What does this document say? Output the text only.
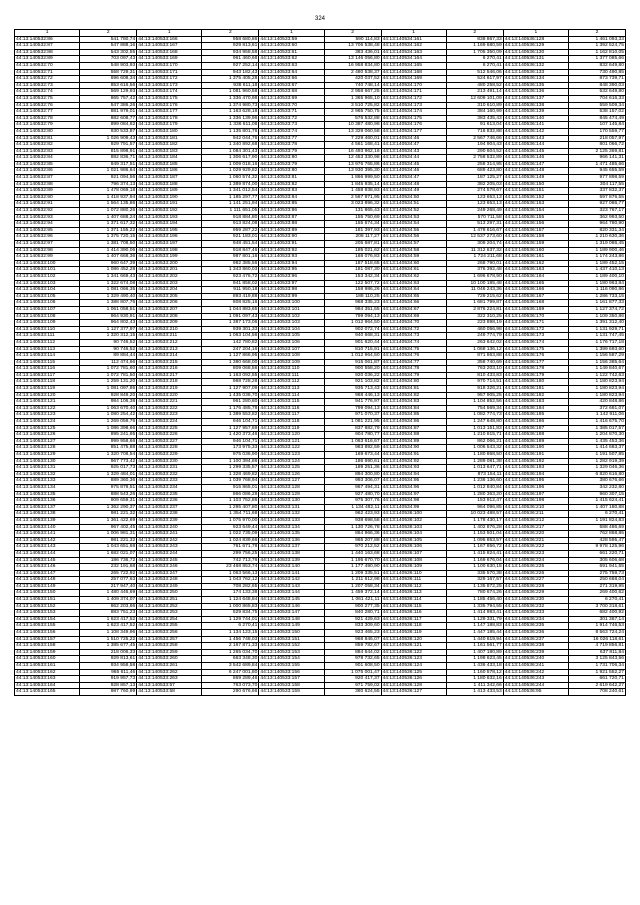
324
1	2	1	2	1	2	1	2	1	2
44:13:140532:86	541 780,74	44:13:140533:166	958 680,86	44:13:140533:59	590 114,83	44:13:140534:161	838 867,33	44:13:140536:128	1 461 093,33
44:13:140532:87	547 888,16	44:13:140533:167	929 813,61	44:13:140533:60	13 706 538,48	44:13:140534:162	1 169 680,59	44:13:140536:129	1 392 524,75
44:13:140532:88	543 302,55	44:13:140533:168	934 958,58	44:13:140533:61	383 436,01	44:13:140534:163	1 705 350,09	44:13:140536:130	1 162 810,05
44:13:140532:89	703 097,43	44:13:140533:169	961 460,68	44:13:140533:62	13 146 056,80	44:13:140534:164	6 270,41	44:13:140536:131	1 377 085,66
44:13:140532:70	548 903,93	44:13:140533:170	927 252,14	44:13:140533:63	16 958 834,80	44:13:140534:165	6 270,41	44:13:140536:132	832 649,80
44:13:140532:71	558 729,31	44:13:140533:171	943 182,43	44:13:140533:64	2 480 538,37	44:13:140534:168	512 546,06	44:13:140536:133	730 490,85
44:13:140532:72	696 608,34	44:13:140533:172	1 375 405,28	44:13:140533:66	420 037,52	44:13:140534:169	524 617,97	44:13:140536:134	873 739,71
44:13:140532:73	853 616,56	44:13:140533:173	938 611,18	44:13:140533:67	740 748,14	44:13:140534:170	480 258,52	44:13:140536:135	848 390,03
44:13:140532:74	569 129,93	44:13:140533:174	1 081 960,58	44:13:140533:68	2 958 667,25	44:13:140534:171	213 491,14	44:13:140536:136	532 649,80
44:13:140532:75	865 757,42	44:13:140533:175	1 336 470,98	44:13:140533:69	1 365 965,10	44:13:140534:172	12 609 101,09	44:13:140536:137	704 616,33
44:13:140532:76	547 386,26	44:13:140533:176	1 374 980,73	44:13:140533:70	3 510 725,82	44:13:140534:173	310 610,89	44:13:140536:138	559 509,34
44:13:140532:77	881 979,01	44:13:140533:177	1 163 628,18	44:13:140533:71	2 965 750,75	44:13:140534:174	384 160,99	44:13:140536:139	538 157,02
44:13:140532:78	882 608,77	44:13:140533:178	1 336 139,96	44:13:140533:72	576 532,88	44:13:140534:175	383 435,43	44:13:140536:140	845 474,49
44:13:140532:79	899 084,62	44:13:140533:179	1 336 611,08	44:13:140533:73	10 387 480,98	44:13:140534:176	91 613,04	44:13:140536:141	107 145,84
44:13:140532:80	930 533,87	44:13:140533:180	1 135 801,76	44:13:140533:74	13 329 060,58	44:13:140534:177	716 832,88	44:13:140536:142	170 559,77
44:13:140532:81	1 026 909,43	44:13:140533:181	942 044,76	44:13:140533:77	7 229 460,01	44:13:140534:46	2 567 746,66	44:13:140536:143	218 057,97
44:13:140532:82	929 791,57	44:13:140533:182	1 340 892,68	44:13:140533:78	4 561 168,41	44:13:140534:47	194 904,43	44:13:140536:144	801 066,72
44:13:140532:83	815 898,91	44:13:140533:183	1 084 301,43	44:13:140533:79	16 493 962,16	44:13:140534:43	290 604,52	44:13:140536:145	2 125 369,81
44:13:140532:84	882 836,71	44:13:140533:184	1 306 617,90	44:13:140533:80	12 453 330,98	44:13:140534:44	2 758 532,89	44:13:140536:146	966 141,31
44:13:140532:85	949 317,51	44:13:140533:185	1 009 018,16	44:13:140533:79	13 976 765,86	44:13:140534:45	258 314,95	44:13:140536:147	1 471 485,66
44:13:140532:86	1 021 986,64	44:13:140533:186	1 029 929,82	44:13:140533:80	13 930 395,30	44:13:140534:46	689 423,80	44:13:140536:148	945 655,59
44:13:140532:87	921 094,56	44:13:140533:187	1 060 574,32	44:13:140533:81	1 866 999,50	44:13:140534:47	187 125,27	44:13:140536:149	977 898,59
44:13:140532:88	796 374,13	44:13:140533:188	1 389 874,00	44:13:140533:82	1 845 935,14	44:13:140534:48	382 205,03	44:13:140536:150	304 117,55
44:13:140532:89	1 478 069,18	44:13:140533:189	1 341 012,54	44:13:140533:83	1 458 938,93	44:13:140534:49	274 578,67	44:13:140536:151	337 832,37
44:13:140532:90	1 418 937,94	44:13:140533:190	1 185 297,77	44:13:140533:84	2 567 971,95	44:13:140534:50	123 653,13	44:13:140536:152	597 876,55
44:13:140532:91	1 564 135,86	44:13:140533:191	1 141 251,94	44:13:140533:85	3 023 896,32	44:13:140534:51	123 653,13	44:13:140536:153	927 086,77
44:13:140532:92	1 072 880,26	44:13:140533:192	1 111 651,05	44:13:140533:86	131 865,43	44:13:140534:52	249 268,49	44:13:140536:154	323 767,17
44:13:140532:93	1 407 688,24	44:13:140533:193	918 884,80	44:13:140533:87	155 750,69	44:13:140534:53	570 711,58	44:13:140536:155	362 993,50
44:13:140532:94	1 371 617,32	44:13:140533:194	913 824,08	44:13:140533:88	155 674,34	44:13:140534:54	513 297,31	44:13:140536:156	964 780,90
44:13:140532:95	1 371 155,22	44:13:140533:195	959 287,22	44:13:140533:89	181 397,93	44:13:140534:55	1 478 616,67	44:13:140536:157	820 331,34
44:13:140532:96	1 375 720,15	44:13:140533:196	921 183,01	44:13:140533:90	208 117,27	44:13:140534:56	12 537 273,60	44:13:140536:158	1 210 630,36
44:13:140532:97	1 381 708,50	44:13:140533:197	948 451,54	44:13:140533:91	205 687,81	44:13:140534:57	309 204,74	44:13:140536:159	1 319 086,45
44:13:140532:98	1 414 390,06	44:13:140533:198	918 847,46	44:13:140533:92	185 021,62	44:13:140534:58	11 312 637,32	44:13:140536:160	1 189 900,46
44:13:140532:99	1 407 668,36	44:13:140533:199	987 801,16	44:13:140533:93	168 076,83	44:13:140534:59	1 724 211,68	44:13:140536:161	1 174 243,86
44:13:140533:100	960 647,39	44:13:140533:200	982 385,56	44:13:140533:94	187 518,65	44:13:140534:60	268 790,01	44:13:140536:162	1 189 452,15
44:13:140533:101	1 086 452,28	44:13:140533:201	1 343 860,03	44:13:140533:95	181 087,30	44:13:140534:61	376 392,48	44:13:140536:163	1 437 410,13
44:13:140533:102	1 341 669,43	44:13:140533:202	923 476,72	44:13:140533:96	153 342,34	44:13:140534:62	1 696 678,90	44:13:140536:164	1 189 400,10
44:13:140533:103	1 322 674,08	44:13:140533:203	941 858,02	44:13:140533:97	122 507,72	44:13:140534:63	10 100 185,48	44:13:140536:165	1 180 963,84
44:13:140533:104	1 081 066,35	44:13:140533:204	911 950,18	44:13:140533:98	158 986,26	44:13:140534:64	11 046 243,36	44:13:140536:166	1 116 090,86
44:13:140533:105	1 329 490,40	44:13:140533:205	893 419,88	44:13:140533:99	188 110,25	44:13:140534:65	729 215,62	44:13:140536:167	1 286 733,15
44:13:140533:106	1 388 807,76	44:13:140533:206	808 825,16	44:13:140533:100	968 335,23	44:13:140534:66	1 681 799,87	44:13:140536:168	1 161 877,33
44:13:140533:107	1 061 058,51	44:13:140533:207	1 044 883,65	44:13:140533:101	984 351,55	44:13:140534:67	2 876 224,81	44:13:140536:169	1 127 374,72
44:13:140533:108	964 930,91	44:13:140533:208	1 091 097,43	44:13:140533:102	799 094,13	44:13:140534:69	322 310,25	44:13:140536:170	1 109 350,86
44:13:140533:109	964 802,43	44:13:140533:209	1 387 173,06	44:13:140533:103	1 012 964,50	44:13:140534:70	223 898,19	44:13:140536:171	1 391 312,40
44:13:140533:110	1 127 377,97	44:13:140533:210	939 301,33	44:13:140533:104	902 072,74	44:13:140534:72	460 056,98	44:13:140536:172	1 131 929,71
44:13:140533:111	1 320 312,15	44:13:140533:211	1 063 104,56	44:13:140533:105	940 668,31	44:13:140534:73	249 774,79	44:13:140536:173	1 131 747,45
44:13:140533:112	90 746,52	44:13:140533:212	142 780,82	44:13:140533:106	901 620,44	44:13:140534:74	263 642,02	44:13:140536:174	1 176 717,18
44:13:140533:113	90 746,52	44:13:140533:213	247 204,16	44:13:140533:107	810 715,91	44:13:140534:75	1 068 136,12	44:13:140536:175	1 399 693,60
44:13:140533:114	89 884,44	44:13:140533:214	1 127 866,95	44:13:140533:108	1 012 964,50	44:13:140534:76	871 863,88	44:13:140536:176	1 156 587,29
44:13:140533:115	112 474,66	44:13:140533:215	1 380 668,00	44:13:140533:109	915 061,87	44:13:140534:77	358 740,69	44:13:140536:177	1 156 385,64
44:13:140533:116	1 072 781,60	44:13:140533:216	809 068,56	44:13:140533:110	900 558,20	44:13:140534:78	763 203,10	44:13:140536:178	1 149 840,67
44:13:140533:117	1 072 781,50	44:13:140533:217	1 163 092,55	44:13:140533:111	920 036,22	44:13:140534:79	810 433,83	44:13:140536:179	1 122 742,63
44:13:140533:118	1 259 131,20	44:13:140533:218	968 728,28	44:13:140533:112	921 103,82	44:13:140534:80	970 714,51	44:13:140536:180	1 180 823,94
44:13:140533:119	1 081 097,86	44:13:140533:219	1 127 907,09	44:13:140533:113	935 713,43	44:13:140534:81	918 326,21	44:13:140536:181	1 180 823,94
44:13:140533:120	928 849,20	44:13:140533:220	1 435 038,70	44:13:140533:114	968 446,13	44:13:140534:82	957 905,25	44:13:140536:182	1 180 823,94
44:13:140533:121	984 106,38	44:13:140533:221	961 280,80	44:13:140533:115	941 776,97	44:13:140534:83	1 104 852,56	44:13:140536:183	420 848,86
44:13:140533:122	1 063 670,40	44:13:140533:222	1 176 485,78	44:13:140533:116	799 094,13	44:13:140534:84	754 569,34	44:13:140536:184	372 681,07
44:13:140533:123	1 080 254,42	44:13:140533:223	1 389 553,82	44:13:140533:117	971 070,37	44:13:140534:85	1 082 774,73	44:13:140536:185	1 142 911,06
44:13:140533:124	1 269 059,76	44:13:140533:224	946 104,71	44:13:140533:118	1 081 221,95	44:13:140534:86	1 247 648,80	44:13:140536:186	1 416 675,70
44:13:140533:125	1 086 398,66	44:13:140533:225	1 127 957,69	44:13:140533:119	837 882,79	44:13:140534:87	1 013 151,83	44:13:140536:187	1 385 017,57
44:13:140533:126	895 241,65	44:13:140533:226	1 420 373,46	44:13:140533:120	904 780,77	44:13:140534:88	1 210 815,71	44:13:140536:188	1 204 870,30
44:13:140533:127	999 958,66	44:13:140533:227	946 104,71	44:13:140533:121	1 063 616,67	44:13:140534:89	862 066,21	44:13:140536:189	1 435 453,36
44:13:140533:128	851 475,88	44:13:140533:228	173 975,33	44:13:140533:122	983 892,59	44:13:140534:90	1 006 543,32	44:13:140536:190	1 414 683,37
44:13:140533:129	1 320 708,54	44:13:140533:229	975 036,90	44:13:140533:123	169 673,44	44:13:140534:91	1 180 868,50	44:13:140536:191	1 191 507,85
44:13:140533:130	967 773,42	44:13:140533:230	1 100 394,86	44:13:140533:124	186 690,61	44:13:140534:92	1 289 081,38	44:13:140536:192	1 282 919,39
44:13:140533:131	925 017,73	44:13:140533:231	1 299 335,57	44:13:140533:125	189 251,36	44:13:140534:93	1 013 647,71	44:13:140536:193	1 329 046,36
44:13:140533:132	1 329 484,01	44:13:140533:232	1 328 469,82	44:13:140533:126	894 300,80	44:13:140534:94	873 154,11	44:13:140536:194	6 820 616,80
44:13:140533:133	889 360,36	44:13:140533:233	1 039 768,94	44:13:140533:127	993 306,07	44:13:140534:95	1 236 136,60	44:13:140536:195	380 676,66
44:13:140533:134	975 879,51	44:13:140533:234	915 865,01	44:13:140533:128	967 494,31	44:13:140534:96	1 012 840,84	44:13:140536:196	342 232,80
44:13:140533:135	888 543,26	44:13:140533:235	866 086,28	44:13:140533:129	927 480,70	44:13:140534:97	1 280 363,20	44:13:140536:197	960 307,15
44:13:140533:136	909 659,31	44:13:140533:236	1 103 752,86	44:13:140533:130	975 307,76	44:13:140534:98	153 912,47	44:13:140536:198	1 415 624,41
44:13:140533:137	1 362 290,37	44:13:140533:237	1 295 407,80	44:13:140533:131	1 134 482,11	44:13:140534:99	964 096,85	44:13:140536:210	1 407 180,88
44:13:140533:138	981 221,32	44:13:140533:238	1 354 711,68	44:13:140533:132	962 423,93	44:13:140536:100	10 023 488,57	44:13:140536:211	6 270,41
44:13:140533:139	1 361 422,69	44:13:140533:239	1 075 970,00	44:13:140533:133	938 698,58	44:13:140536:102	1 178 430,17	44:13:140536:212	1 191 824,83
44:13:140533:140	967 402,45	44:13:140533:240	923 649,44	44:13:140533:134	1 130 726,78	44:13:140536:103	1 402 876,28	44:13:140536:217	588 486,69
44:13:140533:141	1 006 981,31	44:13:140533:241	1 022 735,09	44:13:140533:135	864 966,36	44:13:140536:104	1 153 501,04	44:13:140536:220	762 868,85
44:13:140533:142	981 221,32	44:13:140533:242	1 024 839,66	44:13:140533:136	965 207,88	44:13:140536:105	1 095 853,57	44:13:140536:221	428 595,47
44:13:140533:143	1 043 651,68	44:13:140533:243	761 671,78	44:13:140533:137	970 212,52	44:13:140536:106	1 167 856,72	44:13:140536:222	9 978 125,96
44:13:140533:144	1 682 021,07	44:13:140533:244	299 756,25	44:13:140533:138	1 440 163,68	44:13:140536:107	1 415 824,41	44:13:140536:223	661 220,71
44:13:140533:145	186 736,72	44:13:140533:245	742 713,76	44:13:140533:139	1 195 670,70	44:13:140536:108	1 169 676,04	44:13:140536:224	305 606,68
44:13:140533:146	232 191,68	44:13:140533:246	23 468 853,74	44:13:140533:140	1 177 490,90	44:13:140536:109	1 100 630,15	44:13:140536:225	691 941,55
44:13:140533:147	265 722,92	44:13:140533:247	1 063 566,13	44:13:140533:141	1 209 335,51	44:13:140536:110	335 570,38	44:13:140536:226	275 759,73
44:13:140533:148	257 077,63	44:13:140533:248	1 043 762,12	44:13:140533:142	1 211 612,98	44:13:140536:111	329 167,57	44:13:140536:227	250 668,04
44:13:140533:149	217 947,40	44:13:140533:249	708 282,65	44:13:140533:143	1 207 058,34	44:13:140536:112	1 135 872,25	44:13:140536:228	271 319,95
44:13:140533:150	1 480 446,69	44:13:140533:250	174 133,38	44:13:140533:144	1 459 372,14	44:13:140536:113	780 674,26	44:13:140536:229	269 400,62
44:13:140533:151	1 409 374,07	44:13:140533:251	1 124 648,84	44:13:140533:145	1 061 421,11	44:13:140536:114	1 185 456,40	44:13:140536:230	6 270,41
44:13:140533:152	862 203,66	44:13:140533:252	1 000 865,83	44:13:140533:146	900 277,35	44:13:140536:115	1 335 794,55	44:13:140536:232	3 700 318,61
44:13:140533:153	883 751,23	44:13:140533:253	529 834,75	44:13:140533:147	840 280,71	44:13:140536:116	1 414 983,41	44:13:140536:233	682 400,92
44:13:140533:154	1 623 417,52	44:13:140533:254	1 129 744,01	44:13:140533:148	921 429,63	44:13:140536:117	1 129 331,79	44:13:140536:234	301 367,14
44:13:140533:155	1 623 417,52	44:13:140533:255	6 270,41	44:13:140533:149	833 309,60	44:13:140536:118	1 147 188,83	44:13:140536:235	1 914 746,53
44:13:140533:156	1 108 349,96	44:13:140533:256	1 134 123,15	44:13:140533:150	923 465,23	44:13:140536:119	1 447 185,44	44:13:140536:236	8 563 724,24
44:13:140533:157	1 510 725,22	44:13:140533:257	1 456 748,03	44:13:140533:151	968 846,07	44:13:140536:120	1 440 619,94	44:13:140536:237	16 026 118,61
44:13:140533:158	1 385 677,45	44:13:140533:258	2 167 871,33	44:13:140533:152	859 782,67	44:13:140536:121	1 161 561,77	44:13:140536:238	4 719 856,81
44:13:140533:159	218 006,33	44:13:140533:259	1 265 034,70	44:13:140533:153	884 644,02	44:13:140536:122	1 407 180,89	44:13:140536:239	637 811,84
44:13:140533:160	929 813,61	44:13:140533:260	663 348,30	44:13:140533:154	978 732,65	44:13:140536:123	1 198 623,45	44:13:140536:240	3 125 843,56
44:13:140533:161	934 958,58	44:13:140533:261	3 542 689,84	44:13:140533:155	901 608,50	44:13:140536:124	1 436 433,18	44:13:140536:241	1 731 706,34
44:13:140533:162	965 611,46	44:13:140533:262	6 247 001,80	44:13:140533:156	1 075 001,47	44:13:140536:125	1 160 578,12	44:13:140536:242	1 921 552,27
44:13:140533:163	919 957,73	44:13:140533:263	869 289,46	44:13:140533:157	920 417,37	44:13:140536:126	1 180 632,16	44:13:140536:243	661 720,71
44:13:140533:164	928 857,13	44:13:140533:57	763 073,70	44:13:140533:158	971 759,02	44:13:140536:128	1 411 342,66	44:13:140536:244	2 619 642,27
44:13:140533:165	987 760,99	44:13:140533:58	290 676,66	44:13:140533:159	380 624,55	44:13:140536:127	1 413 433,53	44:13:140536:95	708 240,61
